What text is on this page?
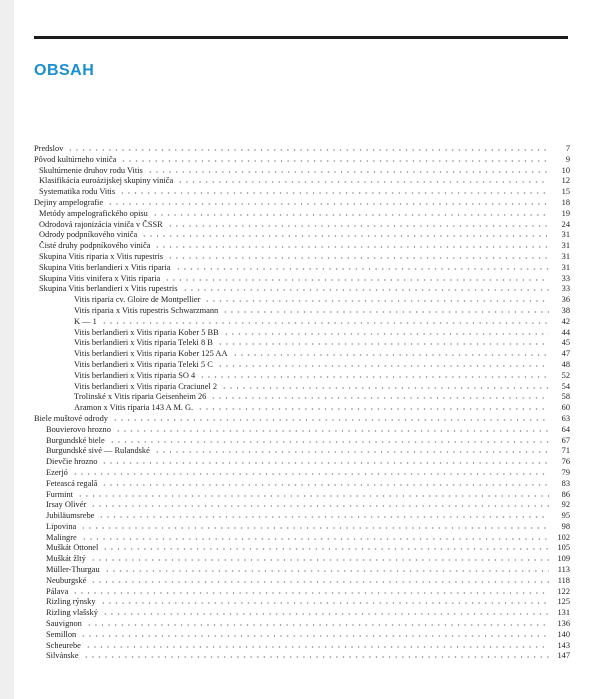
OBSAH
Predslov	7
Pôvod kultúrneho viniča	9
Skultúrnenie druhov rodu Vitis	10
Klasifikácia euroázijskej skupiny viniča	12
Systematika rodu Vitis	15
Dejiny ampelografie	18
Metódy ampelografického opisu	19
Odrodová rajonizácia viniča v ČSSR	24
Odrody podpníkového viniča	31
Čisté druhy podpníkového viniča	31
Skupina Vitis riparia x Vitis rupestris	31
Skupina Vitis berlandieri x Vitis riparia	31
Skupina Vitis vinifera x Vitis riparia	33
Skupina Vitis berlandieri x Vitis rupestris	33
Vitis riparia cv. Gloire de Montpellier	36
Vitis riparia x Vitis rupestris Schwarzmann	38
K — 1	42
Vitis berlandieri x Vitis riparia Kober 5 BB	44
Vitis berlandieri x Vitis riparia Teleki 8 B	45
Vitis berlandieri x Vitis riparia Kober 125 AA	47
Vitis berlandieri x Vitis riparia Teleki 5 C	48
Vitis berlandieri x Vitis riparia SO 4	52
Vitis berlandieri x Vitis riparia Craciunel 2	54
Trolinské x Vitis riparia Geisenheim 26	58
Aramon x Vitis riparia 143 A M. G.	60
Biele muštové odrody	63
Bouvierovo hrozno	64
Burgundské biele	67
Burgundské sivé — Rulandské	71
Dievčie hrozno	76
Ezerjó	79
Feteascá regală	83
Furmint	86
Irsay Olivér	92
Jubiläumsrebe	95
Lipovina	98
Malingre	102
Muškát Ottonel	105
Muškát žltý	109
Müller-Thurgau	113
Neuburgské	118
Pálava	122
Rizling rýnsky	125
Rizling vlašský	131
Sauvignon	136
Semillon	140
Scheurebe	143
Silvánske	147
